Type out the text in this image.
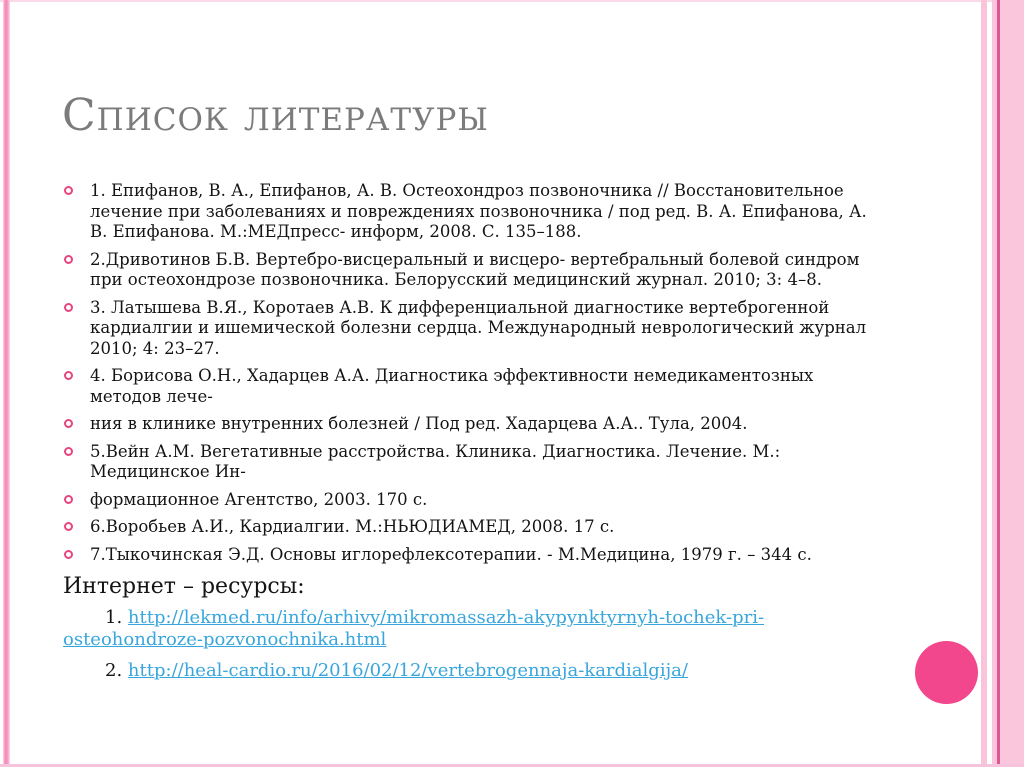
Список литературы
1. Епифанов, В. А., Епифанов, А. В. Остеохондроз позвоночника // Восстановительное лечение при заболеваниях и повреждениях позвоночника / под ред. В. А. Епифанова, А. В. Епифанова. М.:МЕДпресс- информ, 2008. С. 135–188.
2.Дривотинов Б.В. Вертебро-висцеральный и висцеро- вертебральный болевой синдром при остеохондрозе позвоночника. Белорусский медицинский журнал. 2010; 3: 4–8.
3. Латышева В.Я., Коротаев А.В. К дифференциальной диагностике вертеброгенной кардиалгии и ишемической болезни сердца. Международный неврологический журнал 2010; 4: 23–27.
4. Борисова О.Н., Хадарцев А.А. Диагностика эффективности немедикаментозных методов лече-
ния в клинике внутренних болезней / Под ред. Хадарцева А.А.. Тула, 2004.
5.Вейн А.М. Вегетативные расстройства. Клиника. Диагностика. Лечение. М.: Медицинское Ин-
формационное Агентство, 2003. 170 с.
6.Воробьев А.И., Кардиалгии. М.:НЬЮДИАМЕД, 2008. 17 с.
7.Тыкочинская Э.Д. Основы иглорефлексотерапии. - М.Медицина, 1979 г. – 344 с.
Интернет – ресурсы:
1. http://lekmed.ru/info/arhivy/mikromassazh-akypynktyrnyh-tochek-pri-osteohondroze-pozvonochnika.html
2. http://heal-cardio.ru/2016/02/12/vertebrogennaja-kardialgija/
